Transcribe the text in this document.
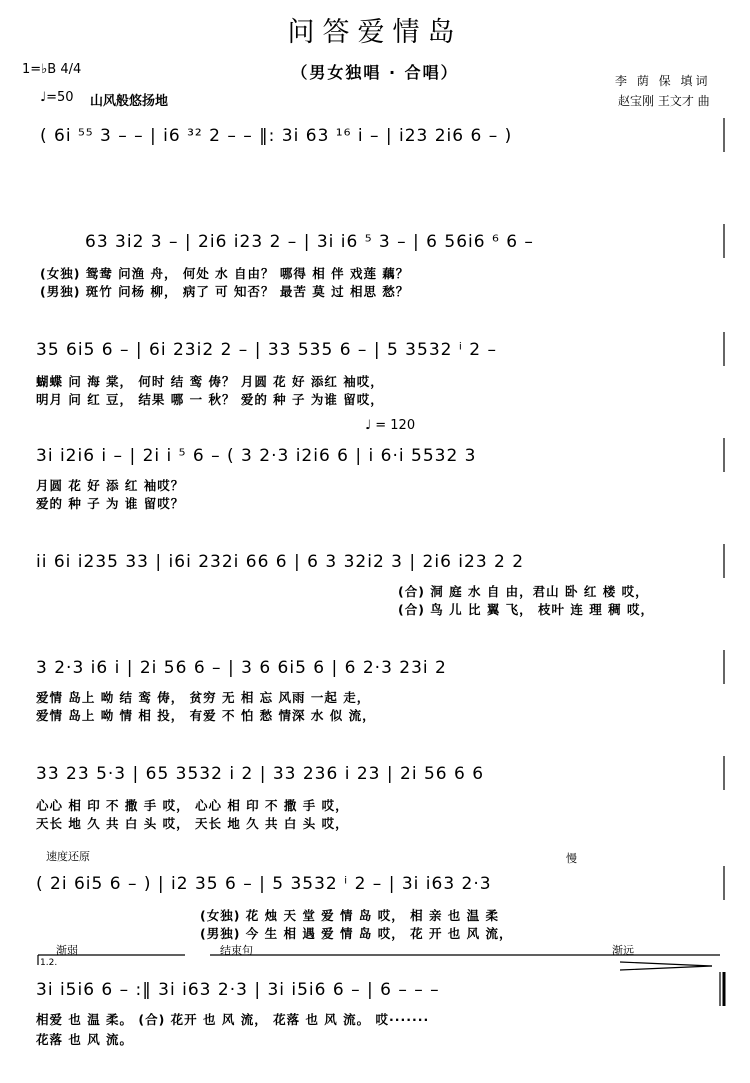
问答爱情岛
（男女独唱 · 合唱）
1=♭B 4/4
♩=50 山风般悠扬地
李 荫 保 填词
赵宝刚 王文才 曲
( 6i ⁵⁵ 3 – – | i6 ³² 2 – – ‖: 3i 63 ¹⁶ i – | i23 2i6 6 – )
63 3i2 3 – | 2i6 i23 2 – | 3i i6 ⁵ 3 – | 6 56i6 ⁶ 6 –
(女独) 鸳鸯 问渔 舟， 何处 水 自由？ 哪得 相 伴 戏莲 藕？
(男独) 斑竹 问杨 柳， 病了 可 知否？ 最苦 莫 过 相思 愁？
35 6i5 6 – | 6i 23i2 2 – | 33 535 6 – | 5 3532 ⁱ 2 –
蝴蝶 问 海 棠， 何时 结 鸾 俦？ 月圆 花 好 添红 袖哎，
明月 问 红 豆， 结果 哪 一 秋？ 爱的 种 子 为谁 留哎，
♩ = 120
3i i2i6 i – | 2i i ⁵ 6 – ( 3 2·3 i2i6 6 | i 6·i 5532 3
月圆 花 好 添 红 袖哎？
爱的 种 子 为 谁 留哎？
ii 6i i235 33 | i6i 232i 66 6 | 6 3 32i2 3 | 2i6 i23 2 2
(合) 洞 庭 水 自 由，君山 卧 红 楼 哎，
(合) 鸟 儿 比 翼 飞， 枝叶 连 理 稠 哎，
3 2·3 i6 i | 2i 56 6 – | 3 6 6i5 6 | 6 2·3 23i 2
爱情 岛上 呦 结 鸾 俦， 贫穷 无 相 忘 风雨 一起 走，
爱情 岛上 呦 情 相 投， 有爱 不 怕 愁 情深 水 似 流，
33 23 5·3 | 65 3532 i 2 | 33 236 i 23 | 2i 56 6 6
心心 相 印 不 撒 手 哎， 心心 相 印 不 撒 手 哎，
天长 地 久 共 白 头 哎， 天长 地 久 共 白 头 哎，
速度还原	慢
( 2i 6i5 6 – ) | i2 35 6 – | 5 3532 ⁱ 2 – | 3i i63 2·3
(女独) 花 烛 天 堂 爱 情 岛 哎， 相 亲 也 温 柔
(男独) 今 生 相 遇 爱 情 岛 哎， 花 开 也 风 流，
渐弱	结束句	渐远
1.2.
3i i5i6 6 – :‖ 3i i63 2·3 | 3i i5i6 6 – | 6 – – –
相爱 也 温 柔。 (合) 花开 也 风 流， 花落 也 风 流。 哎·······
花落 也 风 流。
